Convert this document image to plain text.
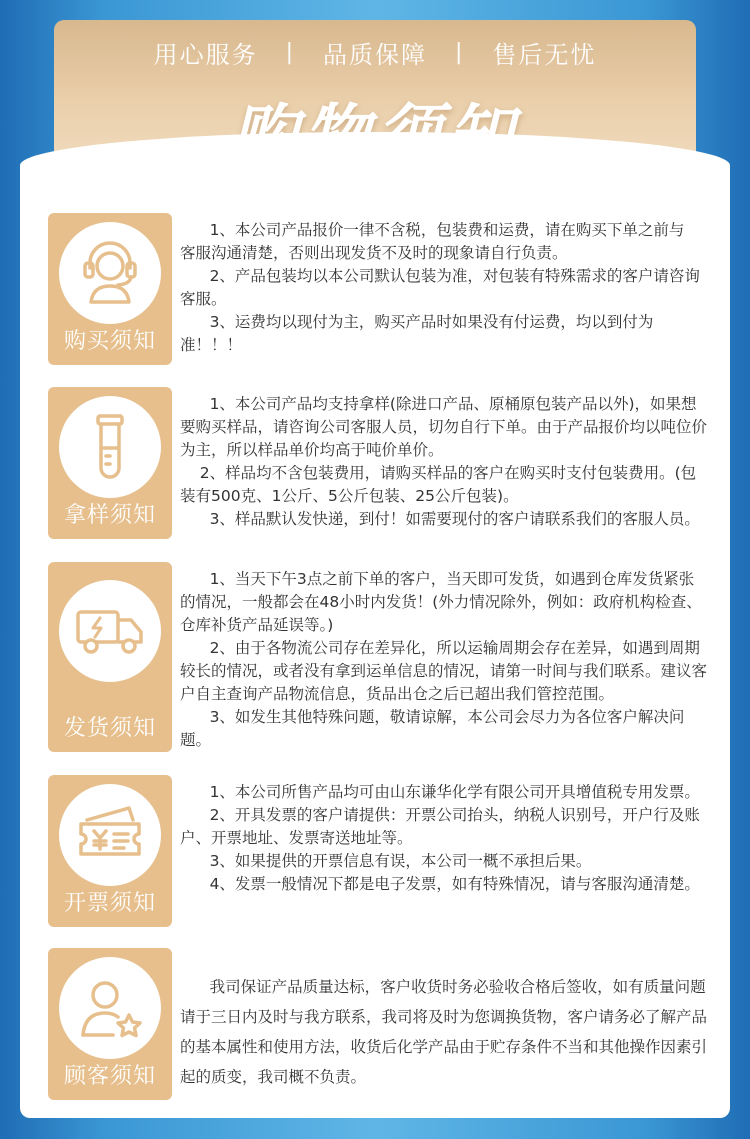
用心服务 | 品质保障 | 售后无忧
购买须知

1、本公司产品报价一律不含税，包装费和运费，请在购买下单之前与   客服沟通清楚，否则出现发货不及时的现象请自行负责。

2、产品包装均以本公司默认包装为准，对包装有特殊需求的客户请咨询客服。

3、运费均以现付为主，购买产品时如果没有付运费，均以到付为准！！！

拿样须知

1、本公司产品均支持拿样(除进口产品、原桶原包装产品以外)，如果想要购买样品，请咨询公司客服人员，切勿自行下单。由于产品报价均以吨位价为主，所以样品单价均高于吨价单价。

2、样品均不含包装费用，请购买样品的客户在购买时支付包装费用。(包装有500克、1公斤、5公斤包装、25公斤包装)。

3、样品默认发快递，到付！如需要现付的客户请联系我们的客服人员。

发货须知

1、当天下午3点之前下单的客户，当天即可发货，如遇到仓库发货紧张的情况，一般都会在48小时内发货！(外力情况除外，例如：政府机构检查、仓库补货产品延误等。)

2、由于各物流公司存在差异化，所以运输周期会存在差异，如遇到周期较长的情况，或者没有拿到运单信息的情况，请第一时间与我们联系。建议客户自主查询产品物流信息，货品出仓之后已超出我们管控范围。

3、如发生其他特殊问题，敬请谅解，本公司会尽力为各位客户解决问题。

开票须知

1、本公司所售产品均可由山东谦华化学有限公司开具增值税专用发票。

2、开具发票的客户请提供：开票公司抬头，纳税人识别号，开户行及账户、开票地址、发票寄送地址等。

3、如果提供的开票信息有误，本公司一概不承担后果。

4、发票一般情况下都是电子发票，如有特殊情况，请与客服沟通清楚。

顾客须知

我司保证产品质量达标，客户收货时务必验收合格后签收，如有质量问题请于三日内及时与我方联系，我司将及时为您调换货物，客户请务必了解产品的基本属性和使用方法，收货后化学产品由于贮存条件不当和其他操作因素引起的质变，我司概不负责。
